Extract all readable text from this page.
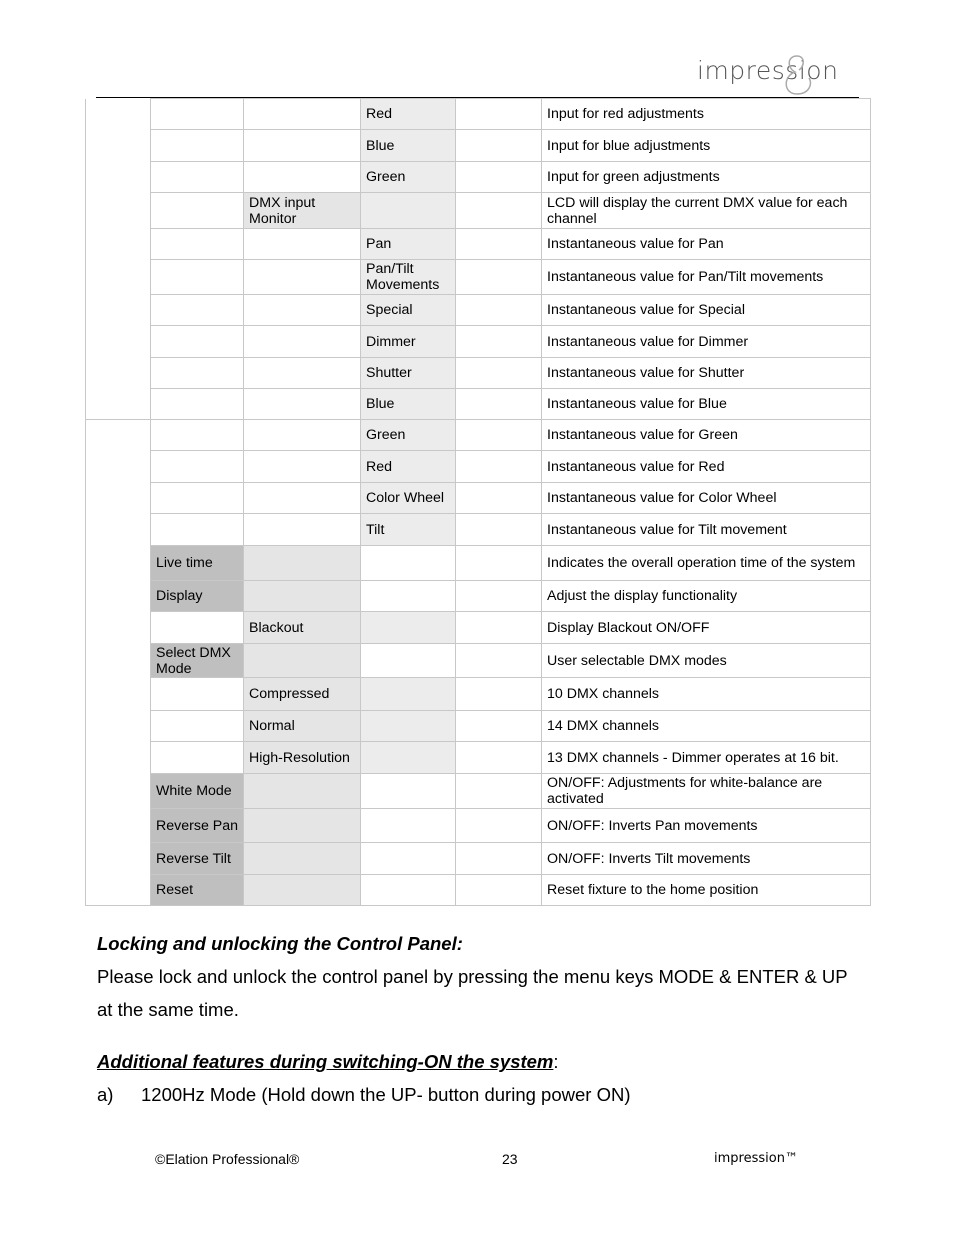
impression
			Red		Input for red adjustments
			Blue		Input for blue adjustments
			Green		Input for green adjustments
		DMX input Monitor			LCD will display the current DMX value for each channel
			Pan		Instantaneous value for Pan
			Pan/Tilt Movements		Instantaneous value for Pan/Tilt movements
			Special		Instantaneous value for Special
			Dimmer		Instantaneous value for Dimmer
			Shutter		Instantaneous value for Shutter
			Blue		Instantaneous value for Blue
			Green		Instantaneous value for Green
			Red		Instantaneous value for Red
			Color Wheel		Instantaneous value for Color Wheel
			Tilt		Instantaneous value for Tilt movement
	Live time				Indicates the overall operation time of the system
	Display				Adjust the display functionality
		Blackout			Display Blackout ON/OFF
	Select DMX Mode				User selectable DMX modes
		Compressed			10 DMX channels
		Normal			14 DMX channels
		High-Resolution			13 DMX channels - Dimmer operates at 16 bit.
	White Mode				ON/OFF: Adjustments for white-balance are activated
	Reverse Pan				ON/OFF: Inverts Pan movements
	Reverse Tilt				ON/OFF: Inverts Tilt movements
	Reset				Reset fixture to the home position
Locking and unlocking the Control Panel:
Please lock and unlock the control panel by pressing the menu keys MODE & ENTER & UP at the same time.
Additional features during switching-ON the system:
a) 1200Hz Mode (Hold down the UP- button during power ON)
©Elation Professional®	23	impression™
